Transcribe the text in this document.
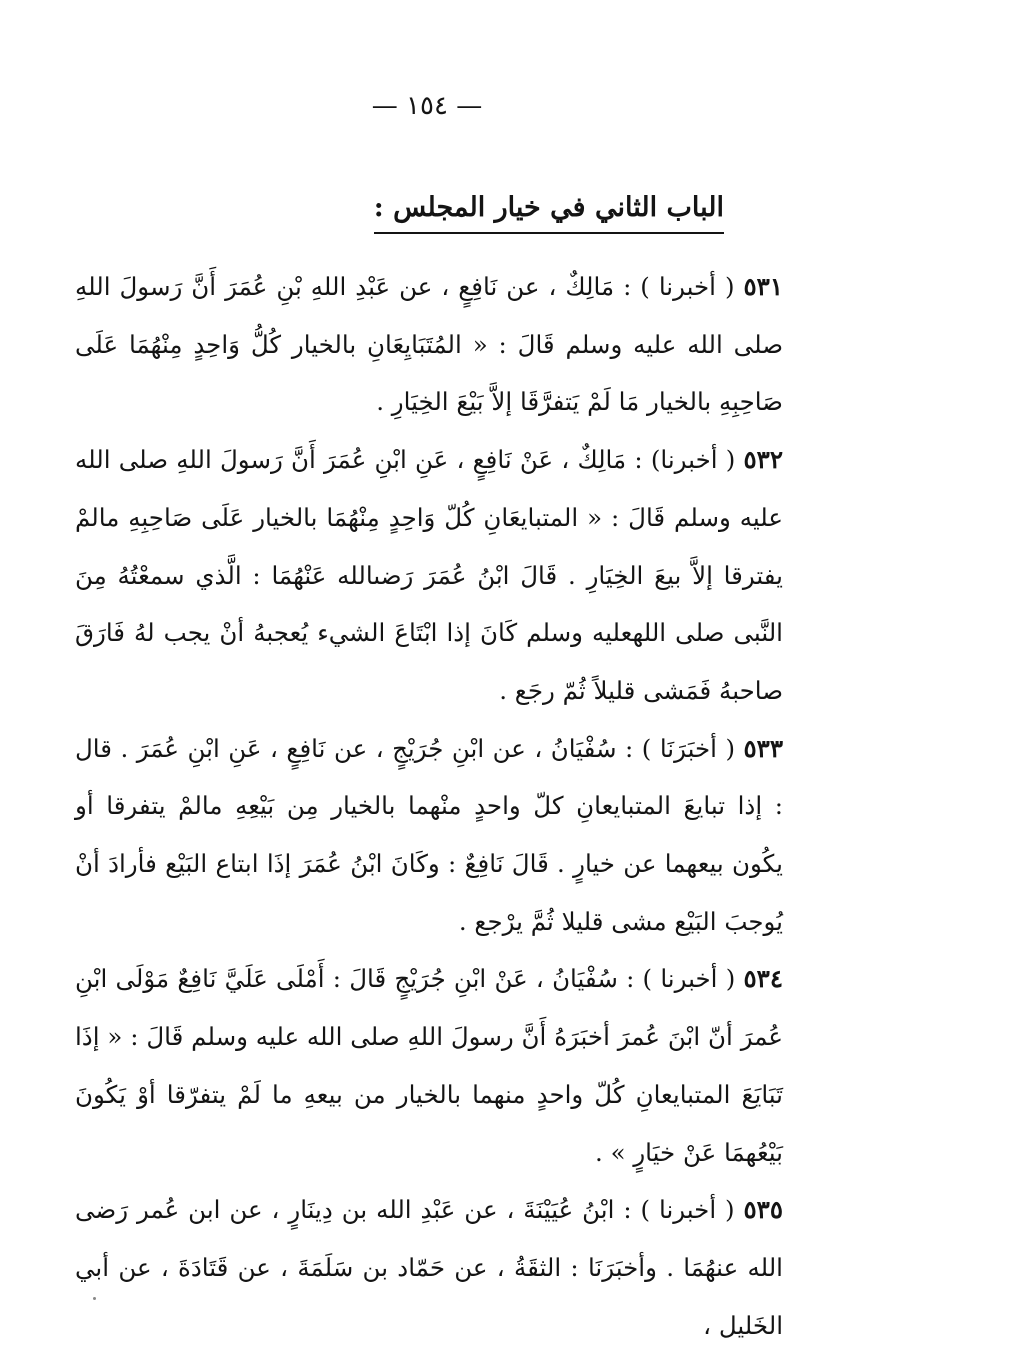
— ١٥٤ —
الباب الثاني في خيار المجلس :

٥٣١ ( أخبرنا ) : مَالِكٌ ، عن نَافِعٍ ، عن عَبْدِ اللهِ بْنِ عُمَرَ أَنَّ رَسولَ اللهِ صلى الله عليه وسلم قَالَ : « المُتَبَايِعَانِ بالخيار كُلُّ وَاحِدٍ مِنْهُمَا عَلَى صَاحِبِهِ بالخيار مَا لَمْ يَتفرَّقَا إلاَّ بَيْعَ الخِيَارِ .

٥٣٢ ( أخبرنا) : مَالِكٌ ، عَنْ نَافِعٍ ، عَنِ ابْنِ عُمَرَ أَنَّ رَسولَ اللهِ صلى الله عليه وسلم قَالَ : « المتبايعَانِ كُلّ وَاحِدٍ مِنْهُمَا بالخيار عَلَى صَاحِبِهِ مالمْ يفترقا إلاَّ بيعَ الخِيَارِ . قَالَ ابْنُ عُمَرَ رَضىالله عَنْهُمَا : الَّذي سمعْتُهُ مِنَ النَّبى صلى اللهعليه وسلم كَانَ إذا ابْتَاعَ الشيء يُعجبهُ أنْ يجب لهُ فَارَقَ صاحبهُ فَمَشى قليلاً ثُمّ رجَع .

٥٣٣ ( أخبَرَنَا ) : سُفْيَانُ ، عن ابْنِ جُرَيْجٍ ، عن نَافِعٍ ، عَنِ ابْنِ عُمَرَ . قال : إذا تبايعَ المتبايعانِ كلّ واحدٍ منْهما بالخيار مِن بَيْعِهِ مالمْ يتفرقا أو يكُون بيعهما عن خيارٍ . قَالَ نَافِعٌ : وكَانَ ابْنُ عُمَرَ إذَا ابتاع البَيْع فأرادَ أنْ يُوجبَ البَيْع مشى قليلا ثُمَّ يرْجع .

٥٣٤ ( أخبرنا ) : سُفْيَانُ ، عَنْ ابْنِ جُرَيْجٍ قَالَ : أَمْلَى عَلَيَّ نَافِعٌ مَوْلَى ابْنِ عُمرَ أنّ ابْنَ عُمرَ أخبَرَهُ أَنَّ رسولَ اللهِ صلى الله عليه وسلم قَالَ : « إذَا تَبَايَعَ المتبايعانِ كُلّ واحدٍ منهما بالخيار من بيعهِ ما لَمْ يتفرّقا أوْ يَكُونَ بَيْعُهمَا عَنْ خيَارٍ » .

٥٣٥ ( أخبرنا ) : ابْنُ عُيَيْنَةَ ، عن عَبْدِ الله بن دِينَارٍ ، عن ابن عُمر رَضى الله عنهُمَا . وأخبَرَنَا : الثقَةُ ، عن حَمّاد بن سَلَمَةَ ، عن قَتَادَةَ ، عن أبي الخَليل ،
